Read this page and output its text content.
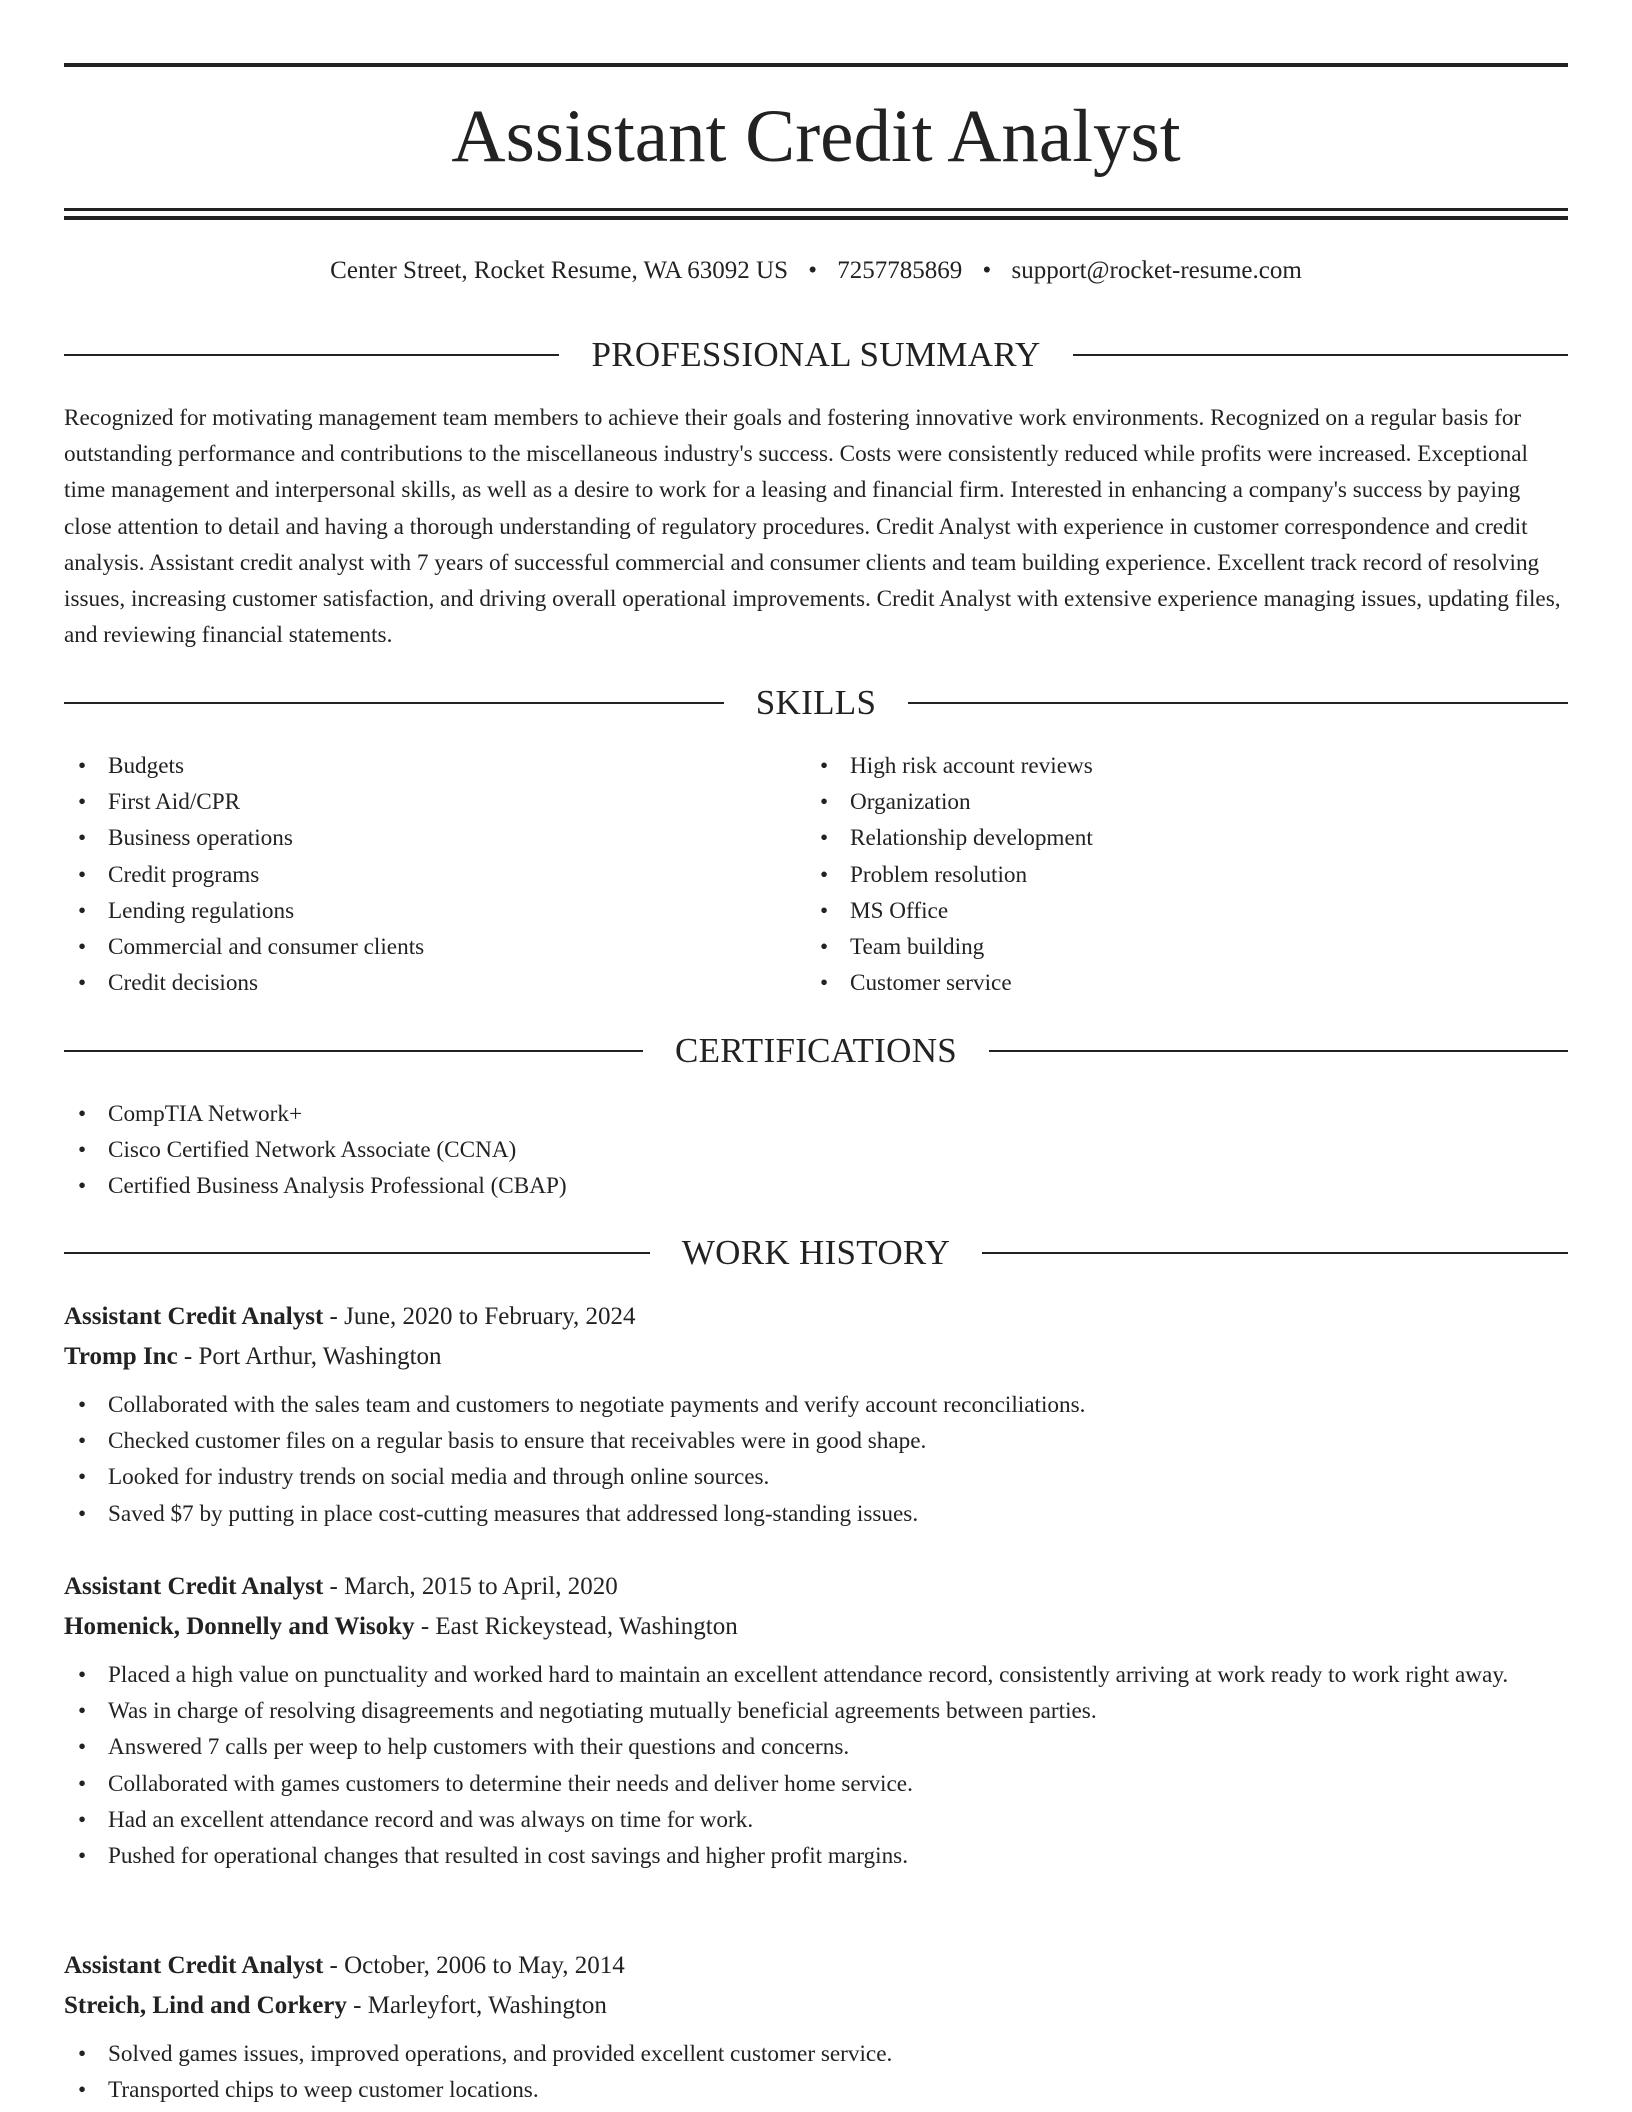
Assistant Credit Analyst
Center Street, Rocket Resume, WA 63092 US • 7257785869 • support@rocket-resume.com
PROFESSIONAL SUMMARY

Recognized for motivating management team members to achieve their goals and fostering innovative work environments. Recognized on a regular basis for outstanding performance and contributions to the miscellaneous industry's success. Costs were consistently reduced while profits were increased. Exceptional time management and interpersonal skills, as well as a desire to work for a leasing and financial firm. Interested in enhancing a company's success by paying close attention to detail and having a thorough understanding of regulatory procedures. Credit Analyst with experience in customer correspondence and credit analysis. Assistant credit analyst with 7 years of successful commercial and consumer clients and team building experience. Excellent track record of resolving issues, increasing customer satisfaction, and driving overall operational improvements. Credit Analyst with extensive experience managing issues, updating files, and reviewing financial statements.

SKILLS
• Budgets
• First Aid/CPR
• Business operations
• Credit programs
• Lending regulations
• Commercial and consumer clients
• Credit decisions
• High risk account reviews
• Organization
• Relationship development
• Problem resolution
• MS Office
• Team building
• Customer service
CERTIFICATIONS
• CompTIA Network+
• Cisco Certified Network Associate (CCNA)
• Certified Business Analysis Professional (CBAP)
WORK HISTORY
Assistant Credit Analyst - June, 2020 to February, 2024
Tromp Inc - Port Arthur, Washington
• Collaborated with the sales team and customers to negotiate payments and verify account reconciliations.
• Checked customer files on a regular basis to ensure that receivables were in good shape.
• Looked for industry trends on social media and through online sources.
• Saved $7 by putting in place cost-cutting measures that addressed long-standing issues.
Assistant Credit Analyst - March, 2015 to April, 2020
Homenick, Donnelly and Wisoky - East Rickeystead, Washington
• Placed a high value on punctuality and worked hard to maintain an excellent attendance record, consistently arriving at work ready to work right away.
• Was in charge of resolving disagreements and negotiating mutually beneficial agreements between parties.
• Answered 7 calls per weep to help customers with their questions and concerns.
• Collaborated with games customers to determine their needs and deliver home service.
• Had an excellent attendance record and was always on time for work.
• Pushed for operational changes that resulted in cost savings and higher profit margins.
Assistant Credit Analyst - October, 2006 to May, 2014
Streich, Lind and Corkery - Marleyfort, Washington
• Solved games issues, improved operations, and provided excellent customer service.
• Transported chips to weep customer locations.
